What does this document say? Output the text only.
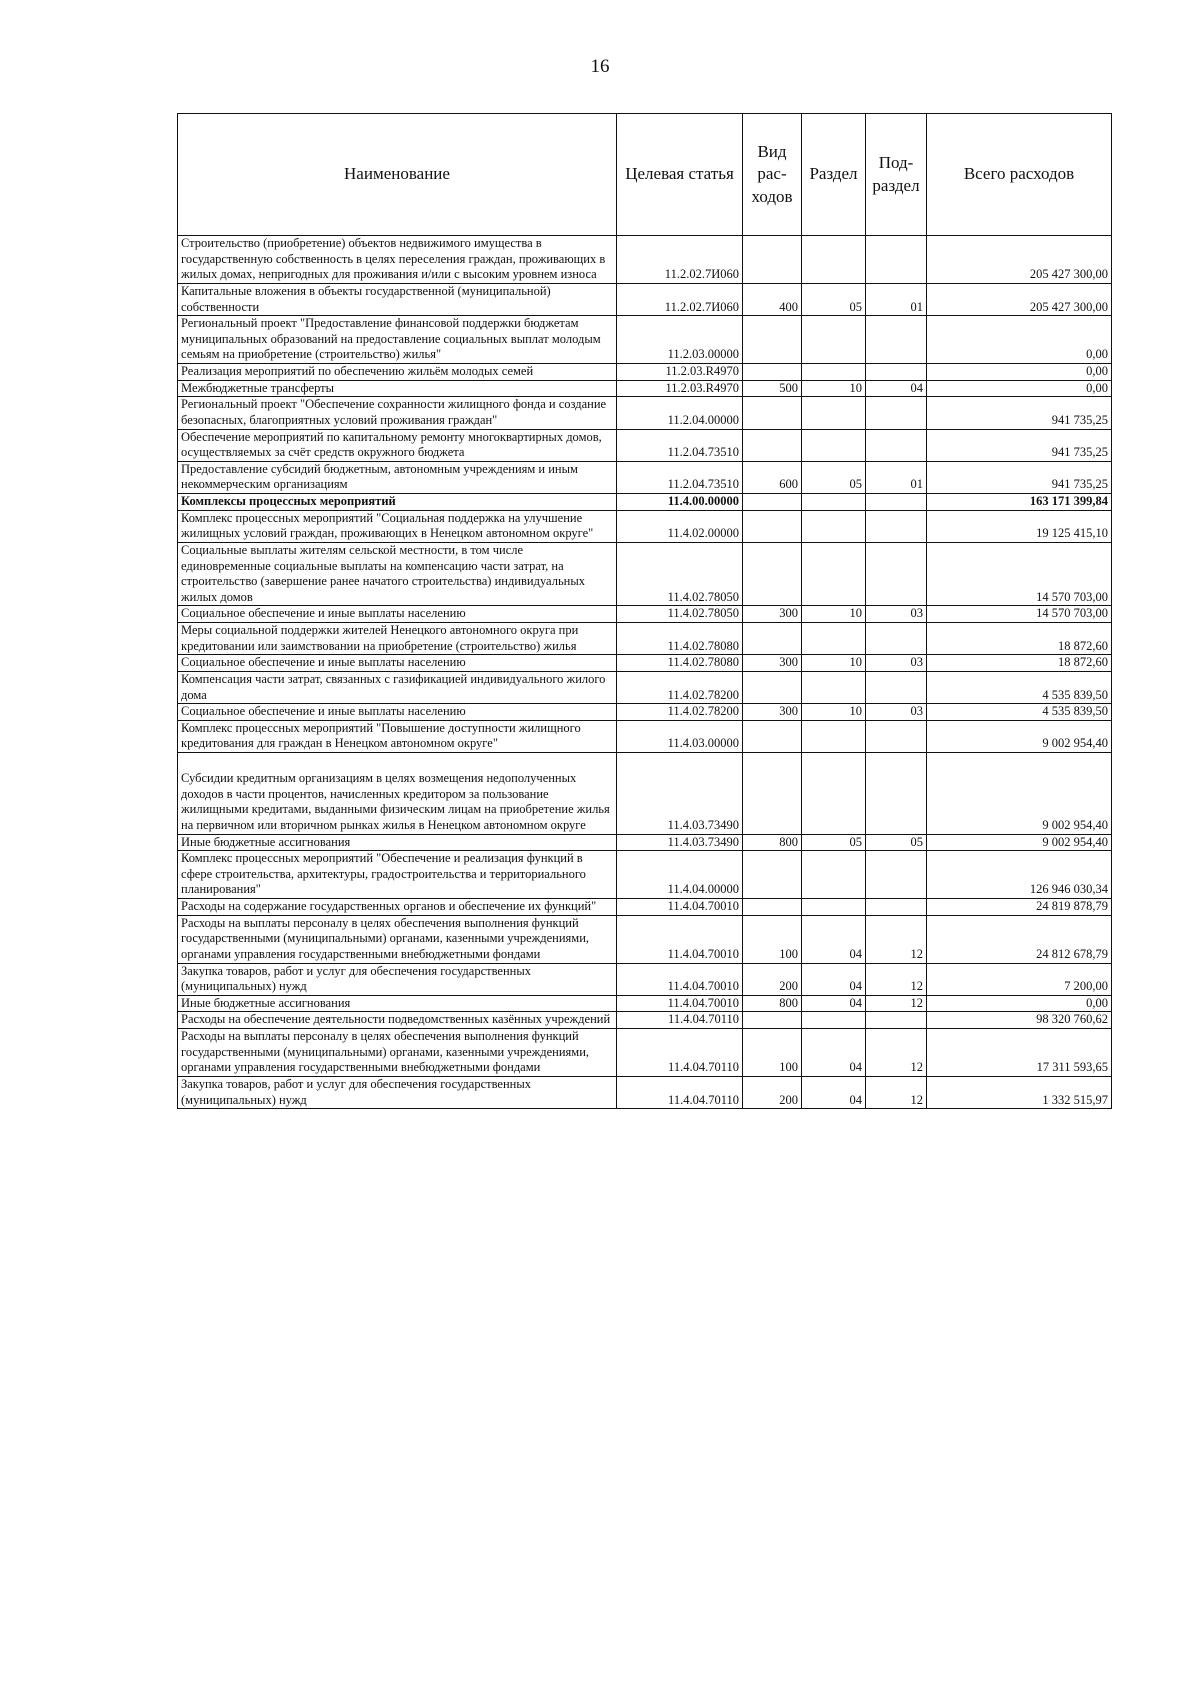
16
Наименование	Целевая статья	Вид рас- ходов	Раздел	Под- раздел	Всего расходов
Строительство (приобретение) объектов недвижимого имущества в государственную собственность в целях переселения граждан, проживающих в жилых домах, непригодных для проживания и/или с высоким уровнем износа	11.2.02.7И060				205 427 300,00
Капитальные вложения в объекты государственной (муниципальной) собственности	11.2.02.7И060	400	05	01	205 427 300,00
Региональный проект "Предоставление финансовой поддержки бюджетам муниципальных образований на предоставление социальных выплат молодым семьям на приобретение (строительство) жилья"	11.2.03.00000				0,00
Реализация мероприятий по обеспечению жильём молодых семей	11.2.03.R4970				0,00
Межбюджетные трансферты	11.2.03.R4970	500	10	04	0,00
Региональный проект "Обеспечение сохранности жилищного фонда и создание безопасных, благоприятных условий проживания граждан"	11.2.04.00000				941 735,25
Обеспечение мероприятий по капитальному ремонту многоквартирных домов, осуществляемых за счёт средств окружного бюджета	11.2.04.73510				941 735,25
Предоставление субсидий бюджетным, автономным учреждениям и иным некоммерческим организациям	11.2.04.73510	600	05	01	941 735,25
Комплексы процессных мероприятий	11.4.00.00000				163 171 399,84
Комплекс процессных мероприятий "Социальная поддержка на улучшение жилищных условий граждан, проживающих в Ненецком автономном округе"	11.4.02.00000				19 125 415,10
Социальные выплаты жителям сельской местности, в том числе единовременные социальные выплаты на компенсацию части затрат, на строительство (завершение ранее начатого строительства) индивидуальных жилых домов	11.4.02.78050				14 570 703,00
Социальное обеспечение и иные выплаты населению	11.4.02.78050	300	10	03	14 570 703,00
Меры социальной поддержки жителей Ненецкого автономного округа при кредитовании или заимствовании на приобретение (строительство) жилья	11.4.02.78080				18 872,60
Социальное обеспечение и иные выплаты населению	11.4.02.78080	300	10	03	18 872,60
Компенсация части затрат, связанных с газификацией индивидуального жилого дома	11.4.02.78200				4 535 839,50
Социальное обеспечение и иные выплаты населению	11.4.02.78200	300	10	03	4 535 839,50
Комплекс процессных мероприятий "Повышение доступности жилищного кредитования для граждан в Ненецком автономном округе"	11.4.03.00000				9 002 954,40
Субсидии кредитным организациям в целях возмещения недополученных доходов в части процентов, начисленных кредитором за пользование жилищными кредитами, выданными физическим лицам на приобретение жилья на первичном или вторичном рынках жилья в Ненецком автономном округе	11.4.03.73490				9 002 954,40
Иные бюджетные ассигнования	11.4.03.73490	800	05	05	9 002 954,40
Комплекс процессных мероприятий "Обеспечение и реализация функций в сфере строительства, архитектуры, градостроительства и территориального планирования"	11.4.04.00000				126 946 030,34
Расходы на содержание государственных органов и обеспечение их функций"	11.4.04.70010				24 819 878,79
Расходы на выплаты персоналу в целях обеспечения выполнения функций государственными (муниципальными) органами, казенными учреждениями, органами управления государственными внебюджетными фондами	11.4.04.70010	100	04	12	24 812 678,79
Закупка товаров, работ и услуг для обеспечения государственных (муниципальных) нужд	11.4.04.70010	200	04	12	7 200,00
Иные бюджетные ассигнования	11.4.04.70010	800	04	12	0,00
Расходы на обеспечение деятельности подведомственных казённых учреждений	11.4.04.70110				98 320 760,62
Расходы на выплаты персоналу в целях обеспечения выполнения функций государственными (муниципальными) органами, казенными учреждениями, органами управления государственными внебюджетными фондами	11.4.04.70110	100	04	12	17 311 593,65
Закупка товаров, работ и услуг для обеспечения государственных (муниципальных) нужд	11.4.04.70110	200	04	12	1 332 515,97
